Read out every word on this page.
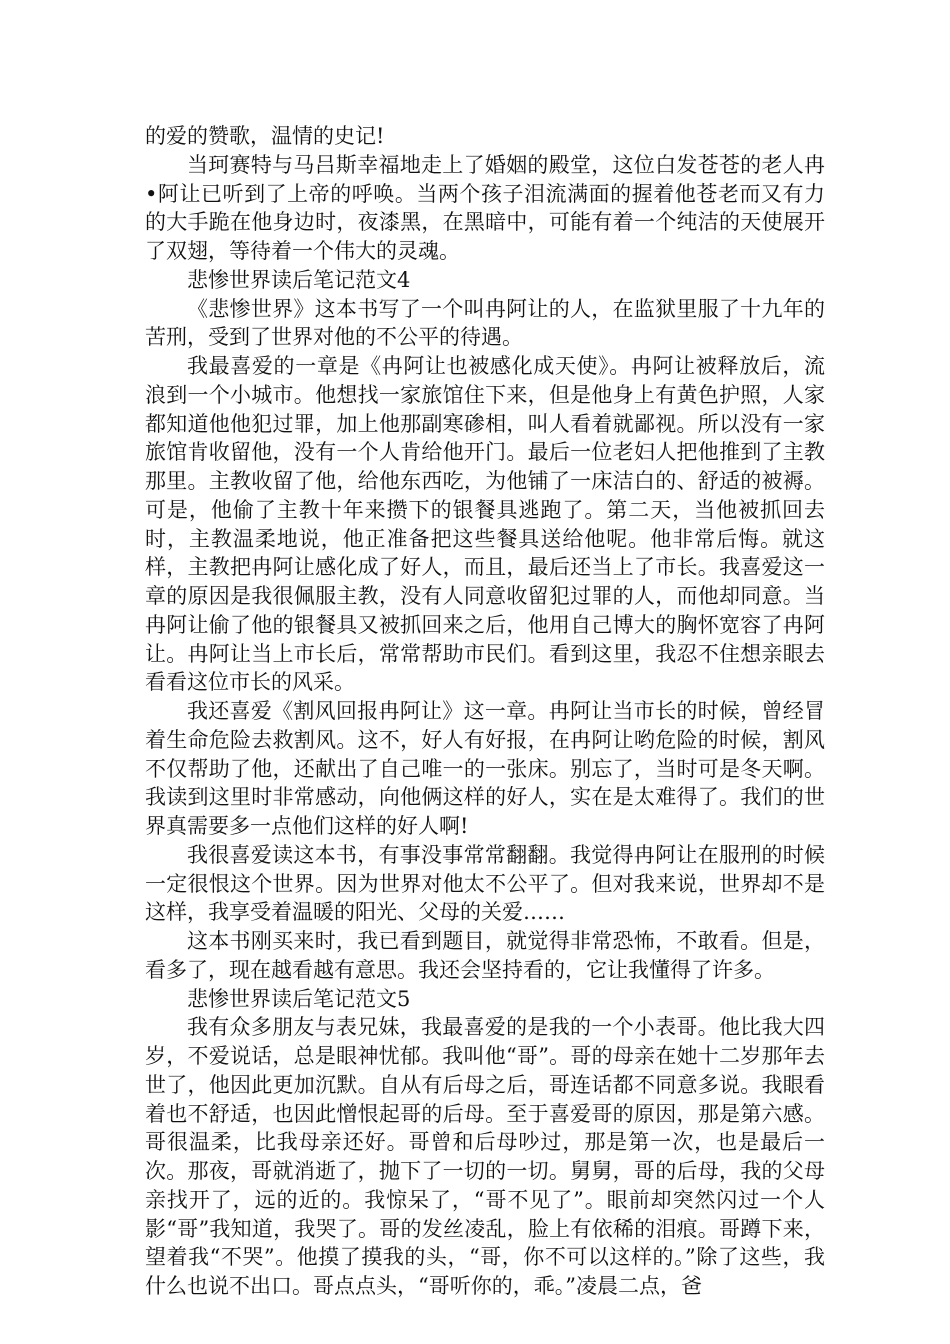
的爱的赞歌，温情的史记!

当珂赛特与马吕斯幸福地走上了婚姻的殿堂，这位白发苍苍的老人冉•阿让已听到了上帝的呼唤。当两个孩子泪流满面的握着他苍老而又有力的大手跪在他身边时，夜漆黑，在黑暗中，可能有着一个纯洁的天使展开了双翅，等待着一个伟大的灵魂。

悲惨世界读后笔记范文4

《悲惨世界》这本书写了一个叫冉阿让的人，在监狱里服了十九年的苦刑，受到了世界对他的不公平的待遇。

我最喜爱的一章是《冉阿让也被感化成天使》。冉阿让被释放后，流浪到一个小城市。他想找一家旅馆住下来，但是他身上有黄色护照，人家都知道他他犯过罪，加上他那副寒碜相，叫人看着就鄙视。所以没有一家旅馆肯收留他，没有一个人肯给他开门。最后一位老妇人把他推到了主教那里。主教收留了他，给他东西吃，为他铺了一床洁白的、舒适的被褥。可是，他偷了主教十年来攒下的银餐具逃跑了。第二天，当他被抓回去时，主教温柔地说，他正准备把这些餐具送给他呢。他非常后悔。就这样，主教把冉阿让感化成了好人，而且，最后还当上了市长。我喜爱这一章的原因是我很佩服主教，没有人同意收留犯过罪的人，而他却同意。当冉阿让偷了他的银餐具又被抓回来之后，他用自己博大的胸怀宽容了冉阿让。冉阿让当上市长后，常常帮助市民们。看到这里，我忍不住想亲眼去看看这位市长的风采。

我还喜爱《割风回报冉阿让》这一章。冉阿让当市长的时候，曾经冒着生命危险去救割风。这不，好人有好报，在冉阿让哟危险的时候，割风不仅帮助了他，还献出了自己唯一的一张床。别忘了，当时可是冬天啊。我读到这里时非常感动，向他俩这样的好人，实在是太难得了。我们的世界真需要多一点他们这样的好人啊!

我很喜爱读这本书，有事没事常常翻翻。我觉得冉阿让在服刑的时候一定很恨这个世界。因为世界对他太不公平了。但对我来说，世界却不是这样，我享受着温暖的阳光、父母的关爱……

这本书刚买来时，我已看到题目，就觉得非常恐怖，不敢看。但是，看多了，现在越看越有意思。我还会坚持看的，它让我懂得了许多。

悲惨世界读后笔记范文5

我有众多朋友与表兄妹，我最喜爱的是我的一个小表哥。他比我大四岁，不爱说话，总是眼神忧郁。我叫他“哥”。哥的母亲在她十二岁那年去世了，他因此更加沉默。自从有后母之后，哥连话都不同意多说。我眼看着也不舒适，也因此憎恨起哥的后母。至于喜爱哥的原因，那是第六感。哥很温柔，比我母亲还好。哥曾和后母吵过，那是第一次，也是最后一次。那夜，哥就消逝了，抛下了一切的一切。舅舅，哥的后母，我的父母亲找开了，远的近的。我惊呆了，“哥不见了”。眼前却突然闪过一个人影“哥”我知道，我哭了。哥的发丝凌乱，脸上有依稀的泪痕。哥蹲下来，望着我“不哭”。他摸了摸我的头，“哥，你不可以这样的。”除了这些，我什么也说不出口。哥点点头，“哥听你的，乖。”凌晨二点，爸
